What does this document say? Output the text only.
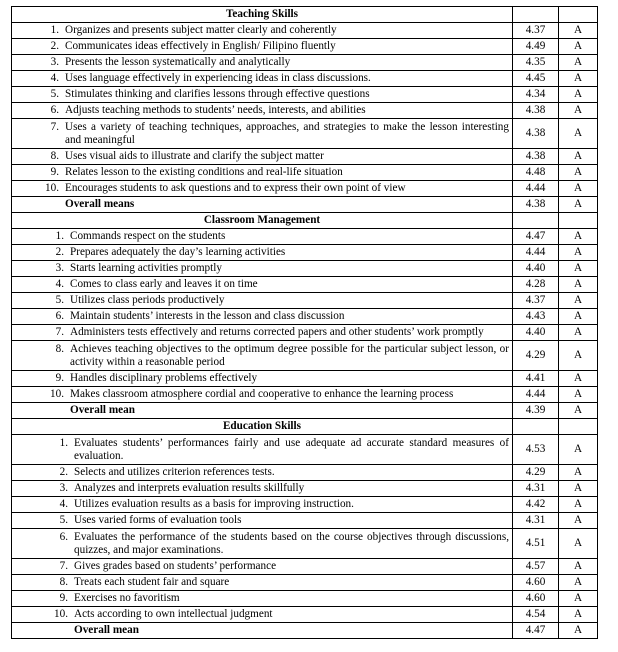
Teaching Skills		

1. Organizes and presents subject matter clearly and coherently	4.37	A

2. Communicates ideas effectively in English/ Filipino fluently	4.49	A

3. Presents the lesson systematically and analytically	4.35	A

4. Uses language effectively in experiencing ideas in class discussions.	4.45	A

5. Stimulates thinking and clarifies lessons through effective questions	4.34	A

6. Adjusts teaching methods to students’ needs, interests, and abilities	4.38	A

7. Uses a variety of teaching techniques, approaches, and strategies to make the lesson interesting and meaningful	4.38	A

8. Uses visual aids to illustrate and clarify the subject matter	4.38	A

9. Relates lesson to the existing conditions and real-life situation	4.48	A

10. Encourages students to ask questions and to express their own point of view	4.44	A

Overall means	4.38	A
Classroom Management		

1. Commands respect on the students	4.47	A

2. Prepares adequately the day’s learning activities	4.44	A

3. Starts learning activities promptly	4.40	A

4. Comes to class early and leaves it on time	4.28	A

5. Utilizes class periods productively	4.37	A

6. Maintain students’ interests in the lesson and class discussion	4.43	A

7. Administers tests effectively and returns corrected papers and other students’ work promptly	4.40	A

8. Achieves teaching objectives to the optimum degree possible for the particular subject lesson, or activity within a reasonable period	4.29	A

9. Handles disciplinary problems effectively	4.41	A

10. Makes classroom atmosphere cordial and cooperative to enhance the learning process	4.44	A

Overall mean	4.39	A
Education Skills		

1. Evaluates students’ performances fairly and use adequate ad accurate standard measures of evaluation.	4.53	A

2. Selects and utilizes criterion references tests.	4.29	A

3. Analyzes and interprets evaluation results skillfully	4.31	A

4. Utilizes evaluation results as a basis for improving instruction.	4.42	A

5. Uses varied forms of evaluation tools	4.31	A

6. Evaluates the performance of the students based on the course objectives through discussions, quizzes, and major examinations.	4.51	A

7. Gives grades based on students’ performance	4.57	A

8. Treats each student fair and square	4.60	A

9. Exercises no favoritism	4.60	A

10. Acts according to own intellectual judgment	4.54	A

Overall mean	4.47	A
